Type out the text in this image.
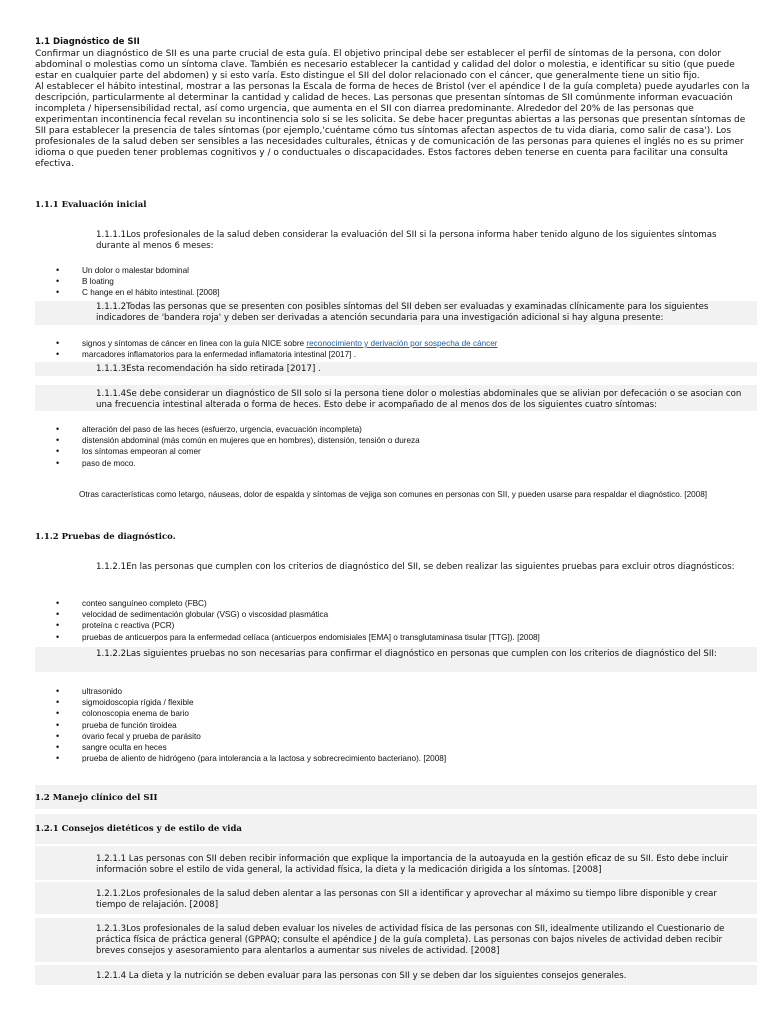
1.1 Diagnóstico de SII

Confirmar un diagnóstico de SII es una parte crucial de esta guía. El objetivo principal debe ser establecer el perfil de síntomas de la persona, con dolor abdominal o molestias como un síntoma clave. También es necesario establecer la cantidad y calidad del dolor o molestia, e identificar su sitio (que puede estar en cualquier parte del abdomen) y si esto varía. Esto distingue el SII del dolor relacionado con el cáncer, que generalmente tiene un sitio fijo.

Al establecer el hábito intestinal, mostrar a las personas la Escala de forma de heces de Bristol (ver el apéndice I de la guía completa) puede ayudarles con la descripción, particularmente al determinar la cantidad y calidad de heces. Las personas que presentan síntomas de SII comúnmente informan evacuación incompleta / hipersensibilidad rectal, así como urgencia, que aumenta en el SII con diarrea predominante. Alrededor del 20% de las personas que experimentan incontinencia fecal revelan su incontinencia solo si se les solicita. Se debe hacer preguntas abiertas a las personas que presentan síntomas de SII para establecer la presencia de tales síntomas (por ejemplo,'cuéntame cómo tus síntomas afectan aspectos de tu vida diaria, como salir de casa'). Los profesionales de la salud deben ser sensibles a las necesidades culturales, étnicas y de comunicación de las personas para quienes el inglés no es su primer idioma o que pueden tener problemas cognitivos y / o conductuales o discapacidades. Estos factores deben tenerse en cuenta para facilitar una consulta efectiva.

1.1.1 Evaluación inicial
1.1.1.1Los profesionales de la salud deben considerar la evaluación del SII si la persona informa haber tenido alguno de los siguientes síntomas durante al menos 6 meses:
• Un dolor o malestar bdominal
• B loating
• C hange en el hábito intestinal. [2008]
1.1.1.2Todas las personas que se presenten con posibles síntomas del SII deben ser evaluadas y examinadas clínicamente para los siguientes indicadores de 'bandera roja' y deben ser derivadas a atención secundaria para una investigación adicional si hay alguna presente:
• signos y síntomas de cáncer en línea con la guía NICE sobre reconocimiento y derivación por sospecha de cáncer
• marcadores inflamatorios para la enfermedad inflamatoria intestinal [2017] .
1.1.1.3Esta recomendación ha sido retirada [2017] .
1.1.1.4Se debe considerar un diagnóstico de SII solo si la persona tiene dolor o molestias abdominales que se alivian por defecación o se asocian con una frecuencia intestinal alterada o forma de heces. Esto debe ir acompañado de al menos dos de los siguientes cuatro síntomas:
• alteración del paso de las heces (esfuerzo, urgencia, evacuación incompleta)
• distensión abdominal (más común en mujeres que en hombres), distensión, tensión o dureza
• los síntomas empeoran al comer
• paso de moco.
Otras características como letargo, náuseas, dolor de espalda y síntomas de vejiga son comunes en personas con SII, y pueden usarse para respaldar el diagnóstico. [2008]
1.1.2 Pruebas de diagnóstico.
1.1.2.1En las personas que cumplen con los criterios de diagnóstico del SII, se deben realizar las siguientes pruebas para excluir otros diagnósticos:
• conteo sanguíneo completo (FBC)
• velocidad de sedimentación globular (VSG) o viscosidad plasmática
• proteína c reactiva (PCR)
• pruebas de anticuerpos para la enfermedad celíaca (anticuerpos endomisiales [EMA] o transglutaminasa tisular [TTG]). [2008]
1.1.2.2Las siguientes pruebas no son necesarias para confirmar el diagnóstico en personas que cumplen con los criterios de diagnóstico del SII:
• ultrasonido
• sigmoidoscopia rígida / flexible
• colonoscopia enema de bario
• prueba de función tiroidea
• ovario fecal y prueba de parásito
• sangre oculta en heces
• prueba de aliento de hidrógeno (para intolerancia a la lactosa y sobrecrecimiento bacteriano). [2008]
1.2 Manejo clínico del SII
1.2.1 Consejos dietéticos y de estilo de vida
1.2.1.1 Las personas con SII deben recibir información que explique la importancia de la autoayuda en la gestión eficaz de su SII. Esto debe incluir información sobre el estilo de vida general, la actividad física, la dieta y la medicación dirigida a los síntomas. [2008]
1.2.1.2Los profesionales de la salud deben alentar a las personas con SII a identificar y aprovechar al máximo su tiempo libre disponible y crear tiempo de relajación. [2008]
1.2.1.3Los profesionales de la salud deben evaluar los niveles de actividad física de las personas con SII, idealmente utilizando el Cuestionario de práctica física de práctica general (GPPAQ; consulte el apéndice J de la guía completa). Las personas con bajos niveles de actividad deben recibir breves consejos y asesoramiento para alentarlos a aumentar sus niveles de actividad. [2008]
1.2.1.4 La dieta y la nutrición se deben evaluar para las personas con SII y se deben dar los siguientes consejos generales.
